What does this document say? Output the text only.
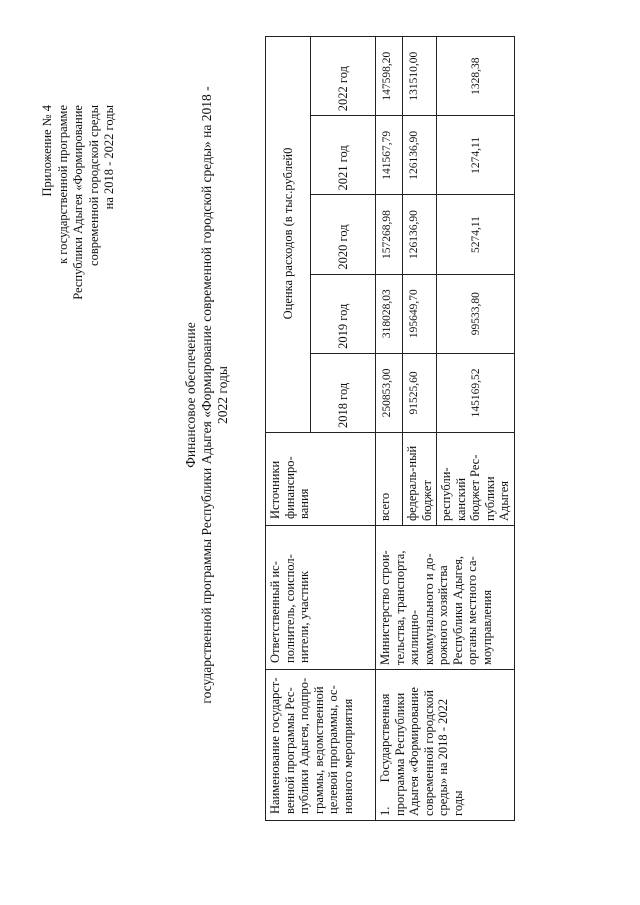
Приложение № 4 к государственной программе Республики Адыгея «Формирование современной городской среды на 2018 - 2022 годы
Финансовое обеспечение государственной программы Республики Адыгея «Формирование современной городской среды» на 2018 - 2022 годы
Наименование государст-венной программы Рес-публики Адыгея, подпро-граммы, ведомственной целевой программы, ос-новного мероприятия	Ответственный ис-полнитель, соиспол-нители, участник	Источники финансиро-вания	Оценка расходов (в тыс.рублей0				
			2018 год	2019 год	2020 год	2021 год	2022 год
1.  Государственная программа Республики Адыгея «Формирование современной городской среды» на 2018 - 2022 годы	Министерство строи-тельства, транспорта, жилищно-коммунального и до-рожного хозяйства Республики Адыгея, органы местного са-моуправления	всего	250853,00	318028,03	157268,98	141567,79	147598,20
		федераль-ный бюджет	91525,60	195649,70	126136,90	126136,90	131510,00
		республи-канский бюджет Рес-публики Адыгея	145169,52	99533,80	5274,11	1274,11	1328,38
